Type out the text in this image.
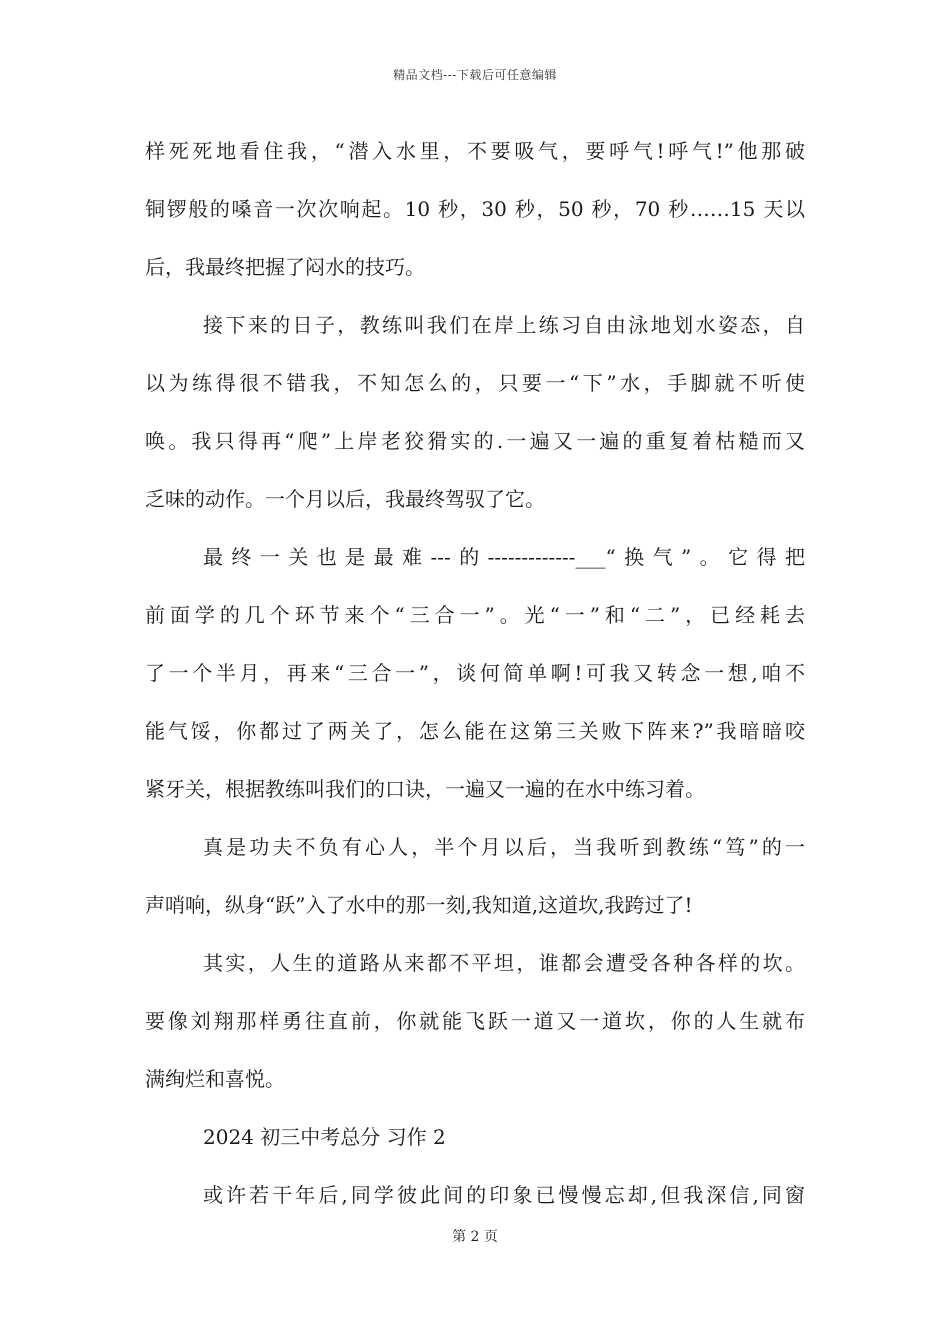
精品文档---下载后可任意编辑
样死死地看住我，“潜入水里，不要吸气，要呼气!呼气!”他那破
铜锣般的嗓音一次次响起。10 秒，30 秒，50 秒，70 秒……15 天以
后，我最终把握了闷水的技巧。
接下来的日子，教练叫我们在岸上练习自由泳地划水姿态，自
以为练得很不错我，不知怎么的，只要一“下”水，手脚就不听使
唤。我只得再“爬”上岸老狡猾实的.一遍又一遍的重复着枯糙而又
乏味的动作。一个月以后，我最终驾驭了它。
最终一关也是最难---的-------------___“换气”。它得把
前面学的几个环节来个“三合一”。光“一”和“二”，已经耗去
了一个半月，再来“三合一”，谈何简单啊!可我又转念一想,咱不
能气馁，你都过了两关了，怎么能在这第三关败下阵来?”我暗暗咬
紧牙关，根据教练叫我们的口诀，一遍又一遍的在水中练习着。
真是功夫不负有心人，半个月以后，当我听到教练“笃”的一
声哨响，纵身“跃”入了水中的那一刻,我知道,这道坎,我跨过了!
其实，人生的道路从来都不平坦，谁都会遭受各种各样的坎。
要像刘翔那样勇往直前，你就能飞跃一道又一道坎，你的人生就布
满绚烂和喜悦。
2024 初三中考总分 习作 2
或许若干年后,同学彼此间的印象已慢慢忘却,但我深信,同窗
第 2 页
